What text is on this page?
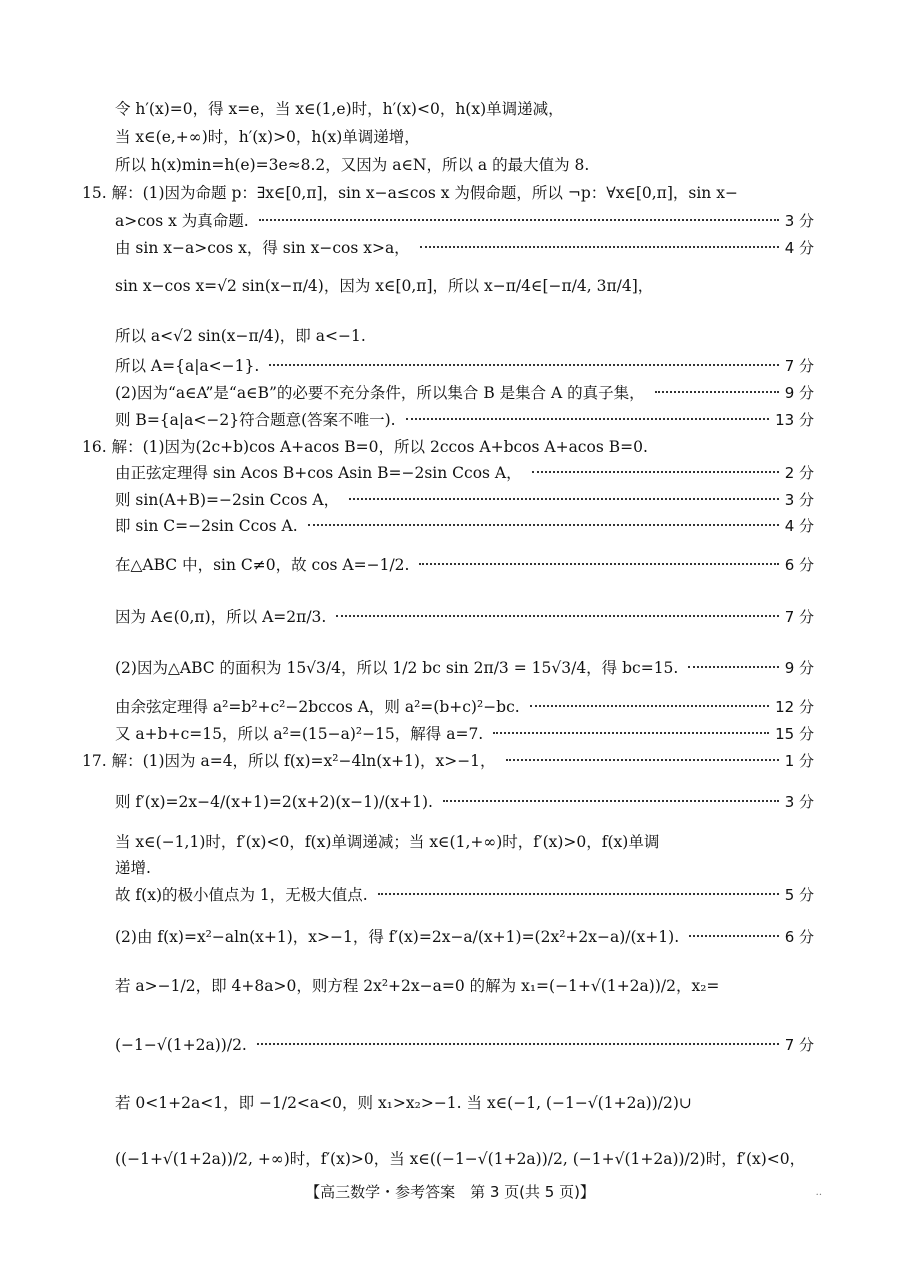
令 h′(x)=0，得 x=e，当 x∈(1,e)时，h′(x)<0，h(x)单调递减，
当 x∈(e,+∞)时，h′(x)>0，h(x)单调递增，
所以 h(x)min=h(e)=3e≈8.2，又因为 a∈N，所以 a 的最大值为 8.
15. 解：(1)因为命题 p：∃x∈[0,π]，sin x−a≤cos x 为假命题，所以 ¬p：∀x∈[0,π]，sin x−
a>cos x 为真命题.	3 分
由 sin x−a>cos x，得 sin x−cos x>a，	4 分
sin x−cos x=√2 sin(x−π/4)，因为 x∈[0,π]，所以 x−π/4∈[−π/4, 3π/4]，
所以 a<√2 sin(x−π/4)，即 a<−1.
所以 A={a|a<−1}.	7 分
(2)因为“a∈A”是“a∈B”的必要不充分条件，所以集合 B 是集合 A 的真子集，	9 分
则 B={a|a<−2}符合题意(答案不唯一).	13 分
16. 解：(1)因为(2c+b)cos A+acos B=0，所以 2ccos A+bcos A+acos B=0.
由正弦定理得 sin Acos B+cos Asin B=−2sin Ccos A，	2 分
则 sin(A+B)=−2sin Ccos A，	3 分
即 sin C=−2sin Ccos A.	4 分
在△ABC 中，sin C≠0，故 cos A=−1/2.	6 分
因为 A∈(0,π)，所以 A=2π/3.	7 分
(2)因为△ABC 的面积为 15√3/4，所以 1/2 bc sin 2π/3 = 15√3/4，得 bc=15.	9 分
由余弦定理得 a²=b²+c²−2bccos A，则 a²=(b+c)²−bc.	12 分
又 a+b+c=15，所以 a²=(15−a)²−15，解得 a=7.	15 分
17. 解：(1)因为 a=4，所以 f(x)=x²−4ln(x+1)，x>−1，	1 分
则 f′(x)=2x−4/(x+1)=2(x+2)(x−1)/(x+1).	3 分
当 x∈(−1,1)时，f′(x)<0，f(x)单调递减；当 x∈(1,+∞)时，f′(x)>0，f(x)单调
递增.
故 f(x)的极小值点为 1，无极大值点.	5 分
(2)由 f(x)=x²−aln(x+1)，x>−1，得 f′(x)=2x−a/(x+1)=(2x²+2x−a)/(x+1).	6 分
若 a>−1/2，即 4+8a>0，则方程 2x²+2x−a=0 的解为 x₁=(−1+√(1+2a))/2，x₂=
(−1−√(1+2a))/2.	7 分
若 0<1+2a<1，即 −1/2<a<0，则 x₁>x₂>−1. 当 x∈(−1, (−1−√(1+2a))/2)∪
((−1+√(1+2a))/2, +∞)时，f′(x)>0，当 x∈((−1−√(1+2a))/2, (−1+√(1+2a))/2)时，f′(x)<0，
【高三数学・参考答案　第 3 页(共 5 页)】	··
